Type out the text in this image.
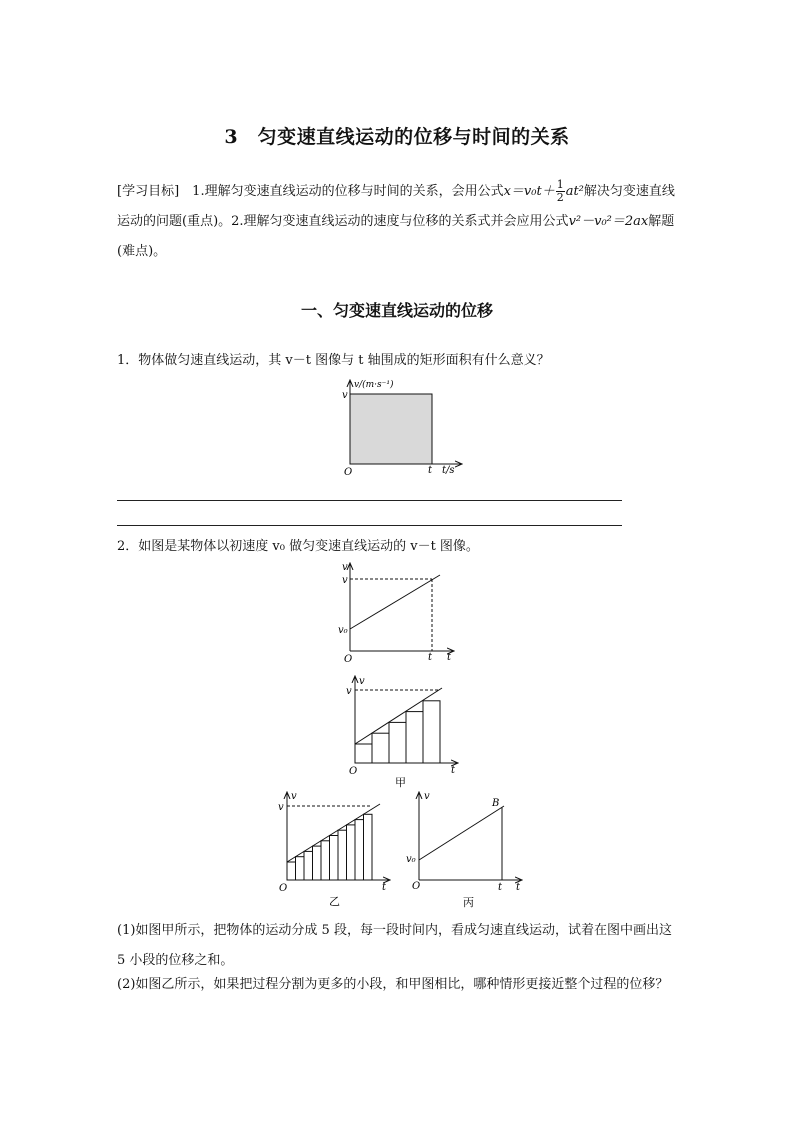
3　匀变速直线运动的位移与时间的关系

[学习目标]　 1.理解匀变速直线运动的位移与时间的关系，会用公式$x=v_0t+ \frac{1}{2} at^2$解决匀变速直线运动的问题(重点)。2.理解匀变速直线运动的速度与位移的关系式并会应用公式v²－v₀²＝2ax解题(难点)。

一、匀变速直线运动的位移

1．物体做匀速直线运动，其 v－t 图像与 t 轴围成的矩形面积有什么意义？

2．如图是某物体以初速度 v₀ 做匀变速直线运动的 v－t 图像。

(1)如图甲所示，把物体的运动分成 5 段，每一段时间内，看成匀速直线运动，试着在图中画出这 5 小段的位移之和。

(2)如图乙所示，如果把过程分割为更多的小段，和甲图相比，哪种情形更接近整个过程的位移？

v/(m·s⁻¹)
t/s
v
t
O
v
v
v₀
t t
O
v
v
O	t
甲
v
v
O	t
乙
v
B
v₀
O	t t
丙
